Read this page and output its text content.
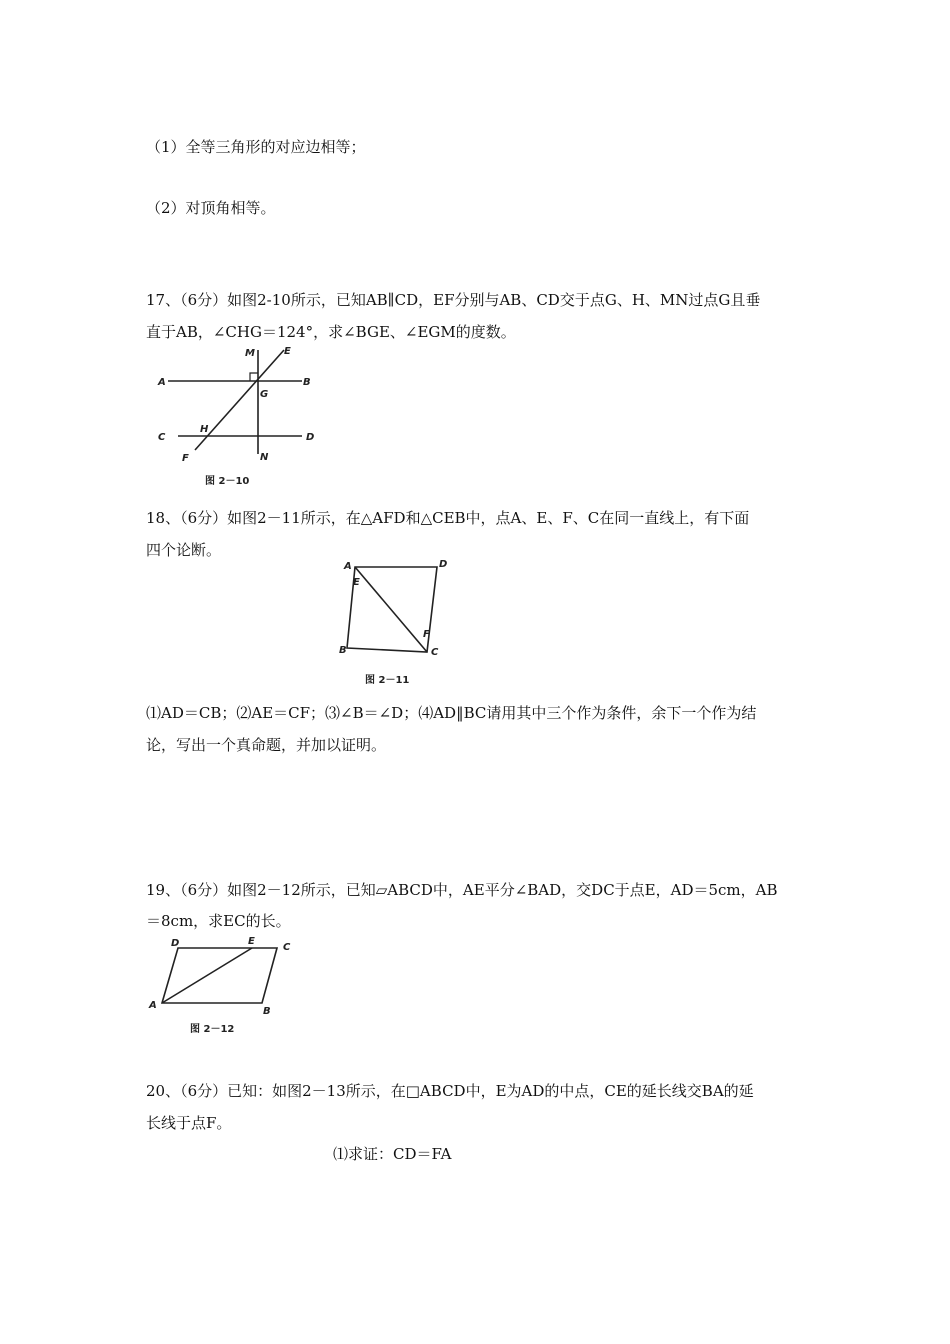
（1）全等三角形的对应边相等；
（2）对顶角相等。
17、（6分）如图2-10所示，已知AB∥CD，EF分别与AB、CD交于点G、H、MN过点G且垂
直于AB，∠CHG＝124°，求∠BGE、∠EGM的度数。
A	B
C	D
E
F
G
H
M
N
图 2－10
18、（6分）如图2－11所示，在△AFD和△CEB中，点A、E、F、C在同一直线上，有下面
四个论断。
A	D
E
F
B	C
图 2－11
⑴AD＝CB；⑵AE＝CF；⑶∠B＝∠D；⑷AD‖BC请用其中三个作为条件，余下一个作为结
论，写出一个真命题，并加以证明。
19、（6分）如图2－12所示，已知▱ABCD中，AE平分∠BAD，交DC于点E，AD＝5cm，AB
＝8cm，求EC的长。
D	E
C
A
B
图 2－12
20、（6分）已知：如图2－13所示，在□ABCD中，E为AD的中点，CE的延长线交BA的延
长线于点F。
⑴求证：CD＝FA
